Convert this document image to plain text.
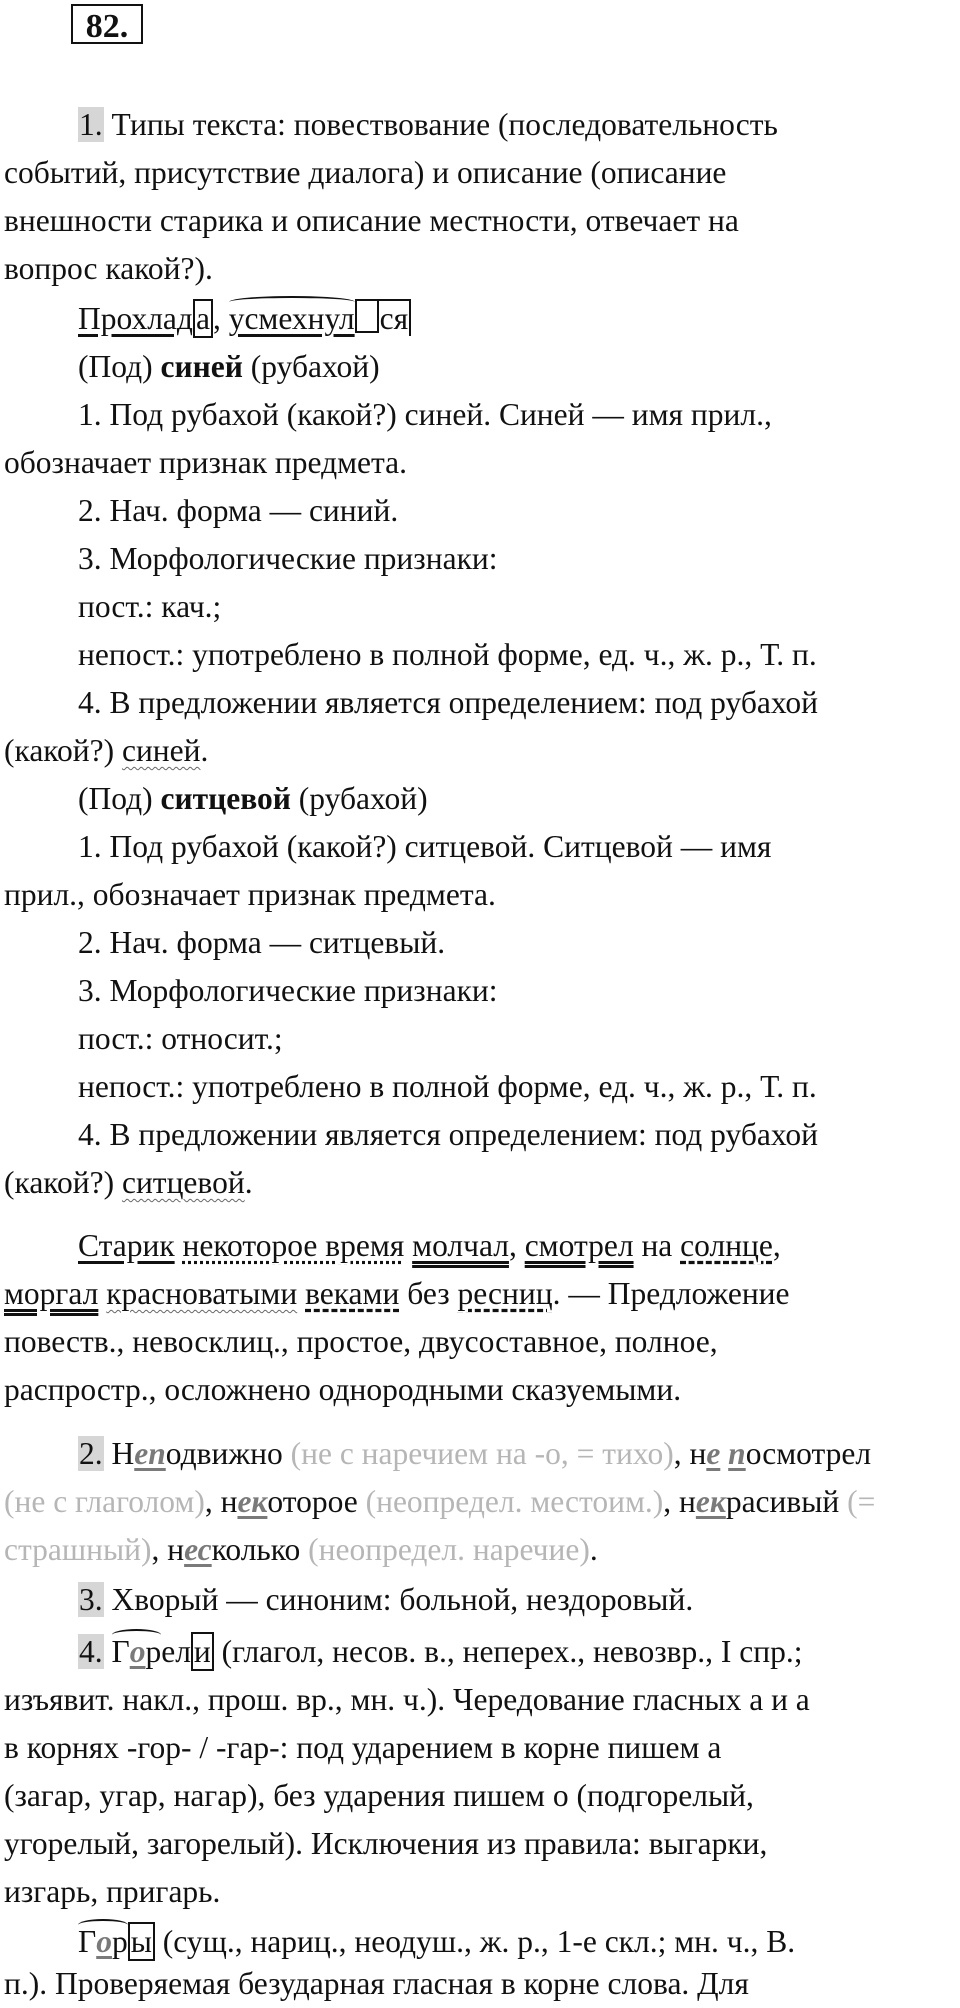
82.
1. Типы текста: повествование (последовательность
событий, присутствие диалога) и описание (описание
внешности старика и описание местности, отвечает на
вопрос какой?).
Прохлада, усмехнул ся
(Под) синей (рубахой)
1. Под рубахой (какой?) синей. Синей — имя прил.,
обозначает признак предмета.
2. Нач. форма — синий.
3. Морфологические признаки:
пост.: кач.;
непост.: употреблено в полной форме, ед. ч., ж. р., Т. п.
4. В предложении является определением: под рубахой
(какой?) синей.
(Под) ситцевой (рубахой)
1. Под рубахой (какой?) ситцевой. Ситцевой — имя
прил., обозначает признак предмета.
2. Нач. форма — ситцевый.
3. Морфологические признаки:
пост.: относит.;
непост.: употреблено в полной форме, ед. ч., ж. р., Т. п.
4. В предложении является определением: под рубахой
(какой?) ситцевой.
Старик некоторое время молчал, смотрел на солнце,
моргал красноватыми веками без ресниц. — Предложение
повеств., невосклиц., простое, двусоставное, полное,
распростр., осложнено однородными сказуемыми.
2. Неподвижно (не с наречием на -о, = тихо), не посмотрел
(не с глаголом), некоторое (неопредел. местоим.), некрасивый (=
страшный), несколько (неопредел. наречие).
3. Хворый — синоним: больной, нездоровый.
4. Горели (глагол, несов. в., неперех., невозвр., I спр.;
изъявит. накл., прош. вр., мн. ч.). Чередование гласных а и а
в корнях -гор- / -гар-: под ударением в корне пишем а
(загар, угар, нагар), без ударения пишем о (подгорелый,
угорелый, загорелый). Исключения из правила: выгарки,
изгарь, пригарь.
Горы (сущ., нариц., неодуш., ж. р., 1-е скл.; мн. ч., В.
п.). Проверяемая безударная гласная в корне слова. Для
